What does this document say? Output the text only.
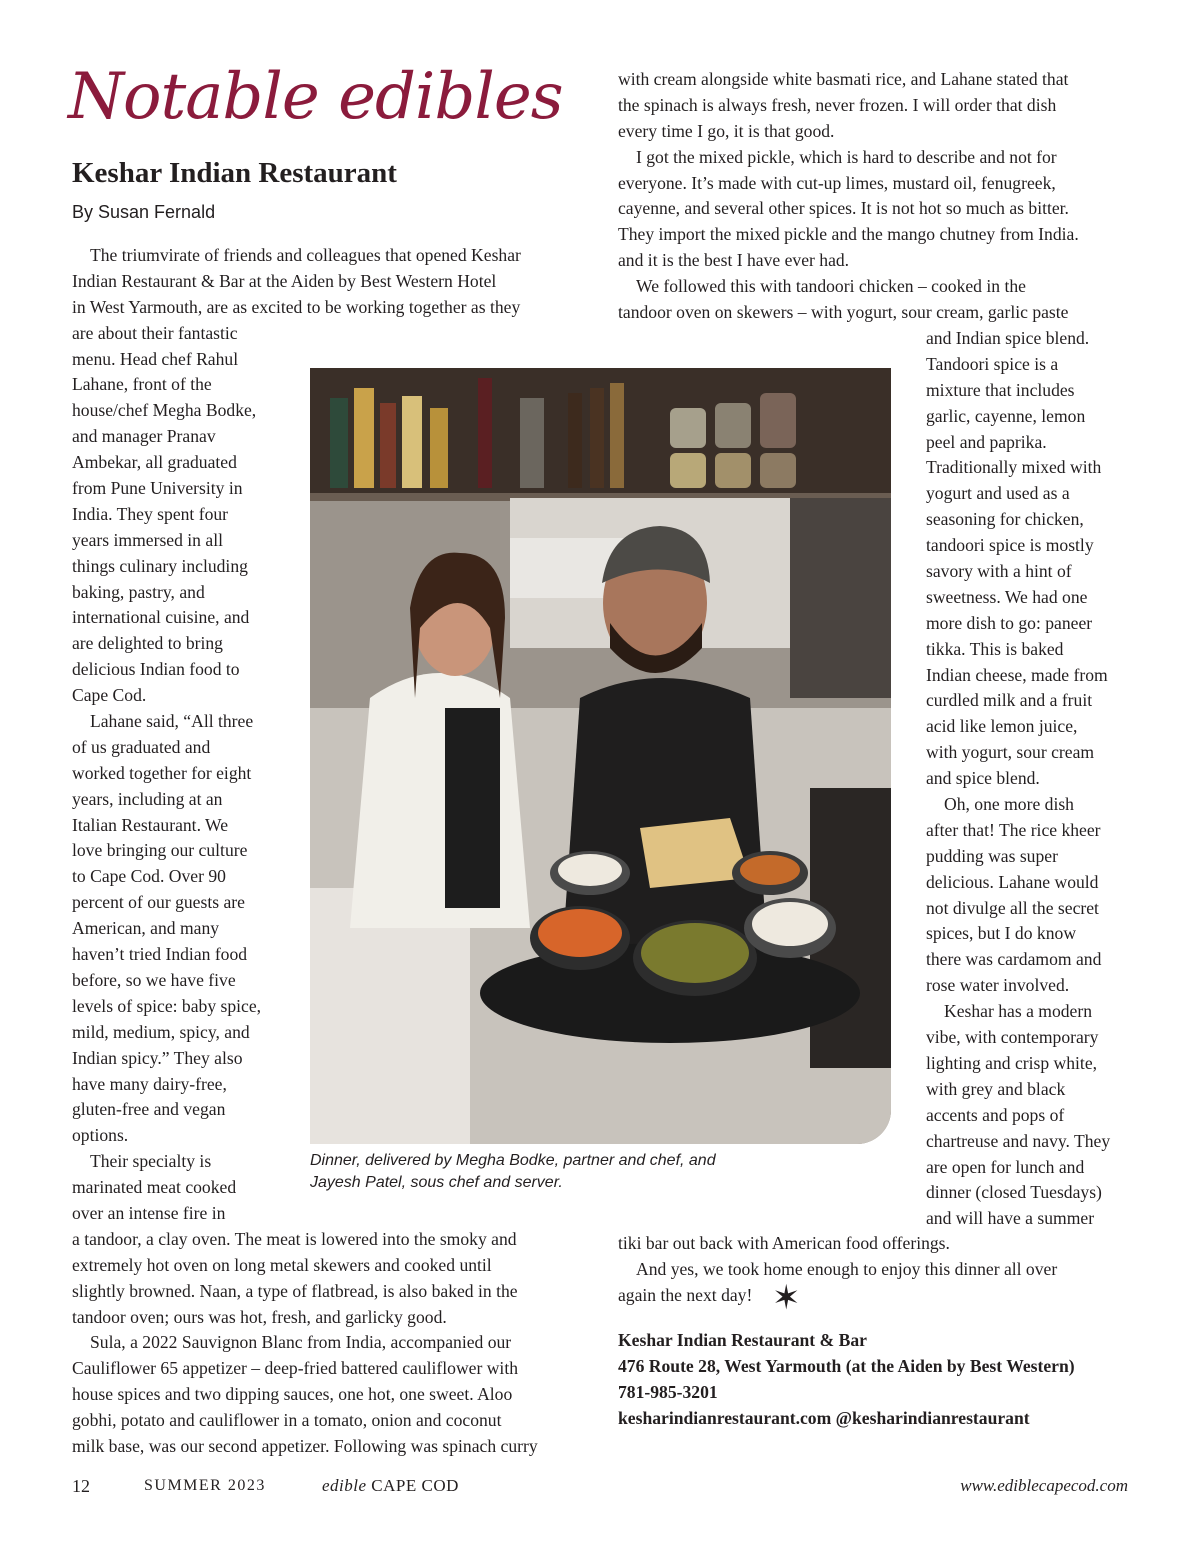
Notable edibles
Keshar Indian Restaurant
By Susan Fernald
The triumvirate of friends and colleagues that opened Keshar
Indian Restaurant & Bar at the Aiden by Best Western Hotel
in West Yarmouth, are as excited to be working together as they
are about their fantastic
menu. Head chef Rahul
Lahane, front of the
house/chef Megha Bodke,
and manager Pranav
Ambekar, all graduated
from Pune University in
India. They spent four
years immersed in all
things culinary including
baking, pastry, and
international cuisine, and
are delighted to bring
delicious Indian food to
Cape Cod.
Lahane said, “All three
of us graduated and
worked together for eight
years, including at an
Italian Restaurant. We
love bringing our culture
to Cape Cod. Over 90
percent of our guests are
American, and many
haven’t tried Indian food
before, so we have five
levels of spice: baby spice,
mild, medium, spicy, and
Indian spicy.” They also
have many dairy-free,
gluten-free and vegan
options.
Their specialty is
marinated meat cooked
over an intense fire in
a tandoor, a clay oven. The meat is lowered into the smoky and
extremely hot oven on long metal skewers and cooked until
slightly browned. Naan, a type of flatbread, is also baked in the
tandoor oven; ours was hot, fresh, and garlicky good.
Sula, a 2022 Sauvignon Blanc from India, accompanied our
Cauliflower 65 appetizer – deep-fried battered cauliflower with
house spices and two dipping sauces, one hot, one sweet. Aloo
gobhi, potato and cauliflower in a tomato, onion and coconut
milk base, was our second appetizer. Following was spinach curry
with cream alongside white basmati rice, and Lahane stated that
the spinach is always fresh, never frozen. I will order that dish
every time I go, it is that good.
I got the mixed pickle, which is hard to describe and not for
everyone. It’s made with cut-up limes, mustard oil, fenugreek,
cayenne, and several other spices. It is not hot so much as bitter.
They import the mixed pickle and the mango chutney from India.
and it is the best I have ever had.
We followed this with tandoori chicken – cooked in the
tandoor oven on skewers – with yogurt, sour cream, garlic paste
and Indian spice blend.
Tandoori spice is a
mixture that includes
garlic, cayenne, lemon
peel and paprika.
Traditionally mixed with
yogurt and used as a
seasoning for chicken,
tandoori spice is mostly
savory with a hint of
sweetness. We had one
more dish to go: paneer
tikka. This is baked
Indian cheese, made from
curdled milk and a fruit
acid like lemon juice,
with yogurt, sour cream
and spice blend.
Oh, one more dish
after that! The rice kheer
pudding was super
delicious. Lahane would
not divulge all the secret
spices, but I do know
there was cardamom and
rose water involved.
Keshar has a modern
vibe, with contemporary
lighting and crisp white,
with grey and black
accents and pops of
chartreuse and navy. They
are open for lunch and
dinner (closed Tuesdays)
and will have a summer
tiki bar out back with American food offerings.
And yes, we took home enough to enjoy this dinner all over
again the next day! ✶
Dinner, delivered by Megha Bodke, partner and chef, and
Jayesh Patel, sous chef and server.
Keshar Indian Restaurant & Bar
476 Route 28, West Yarmouth (at the Aiden by Best Western)
781-985-3201
kesharindianrestaurant.com @kesharindianrestaurant
12	SUMMER 2023	edible CAPE COD	www.ediblecapecod.com
